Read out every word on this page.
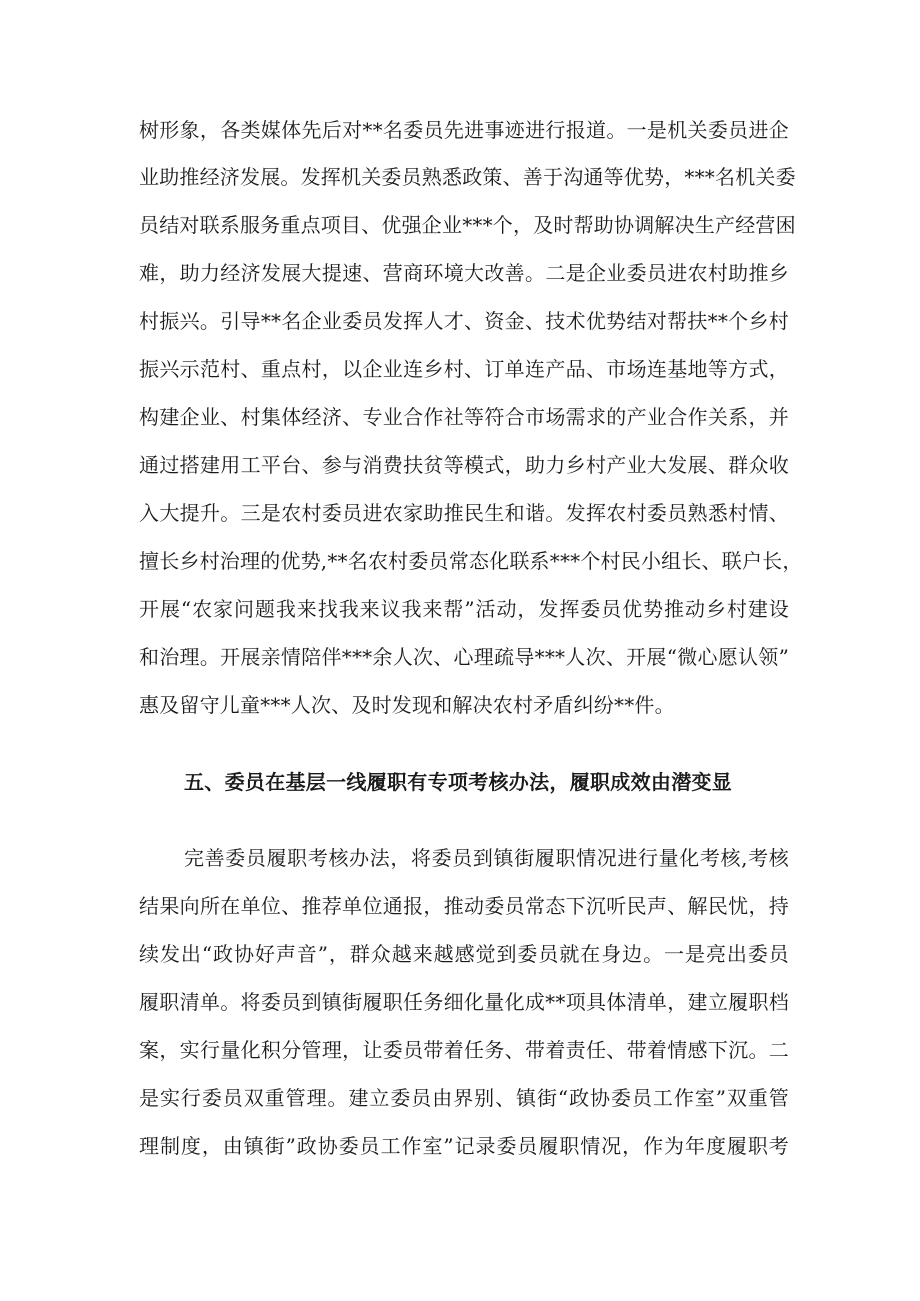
树形象，各类媒体先后对**名委员先进事迹进行报道。一是机关委员进企
业助推经济发展。发挥机关委员熟悉政策、善于沟通等优势，***名机关委
员结对联系服务重点项目、优强企业***个，及时帮助协调解决生产经营困
难，助力经济发展大提速、营商环境大改善。二是企业委员进农村助推乡
村振兴。引导**名企业委员发挥人才、资金、技术优势结对帮扶**个乡村
振兴示范村、重点村，以企业连乡村、订单连产品、市场连基地等方式，
构建企业、村集体经济、专业合作社等符合市场需求的产业合作关系，并
通过搭建用工平台、参与消费扶贫等模式，助力乡村产业大发展、群众收
入大提升。三是农村委员进农家助推民生和谐。发挥农村委员熟悉村情、
擅长乡村治理的优势,**名农村委员常态化联系***个村民小组长、联户长，
开展“农家问题我来找我来议我来帮”活动，发挥委员优势推动乡村建设
和治理。开展亲情陪伴***余人次、心理疏导***人次、开展“微心愿认领”
惠及留守儿童***人次、及时发现和解决农村矛盾纠纷**件。
五、委员在基层一线履职有专项考核办法，履职成效由潜变显
完善委员履职考核办法，将委员到镇街履职情况进行量化考核,考核
结果向所在单位、推荐单位通报，推动委员常态下沉听民声、解民忧，持
续发出“政协好声音”，群众越来越感觉到委员就在身边。一是亮出委员
履职清单。将委员到镇街履职任务细化量化成**项具体清单，建立履职档
案，实行量化积分管理，让委员带着任务、带着责任、带着情感下沉。二
是实行委员双重管理。建立委员由界别、镇街“政协委员工作室”双重管
理制度，由镇街”政协委员工作室”记录委员履职情况，作为年度履职考
